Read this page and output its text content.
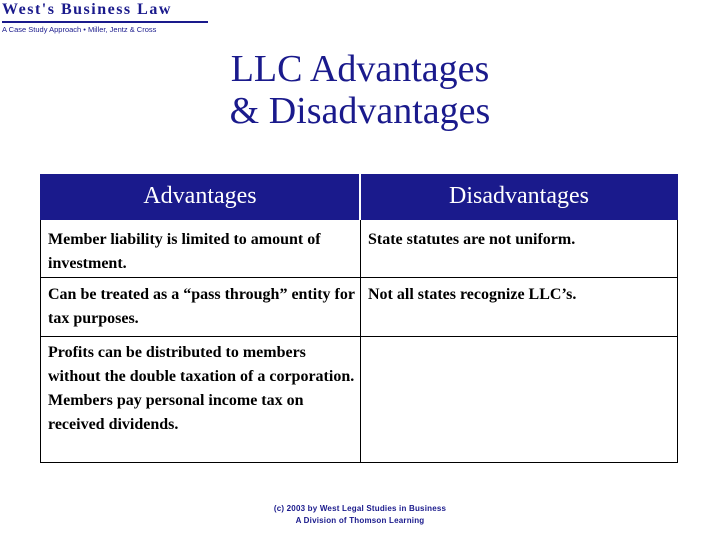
West's Business Law
A Case Study Approach • Miller, Jentz & Cross
LLC Advantages
& Disadvantages
Advantages	Disadvantages
Member liability is limited to amount of investment.
State statutes are not uniform.
Can be treated as a “pass through” entity for tax purposes.
Not all states recognize LLC’s.
Profits can be distributed to members without the double taxation of a corporation. Members pay personal income tax on received dividends.
(c) 2003 by West Legal Studies in Business
A Division of Thomson Learning
